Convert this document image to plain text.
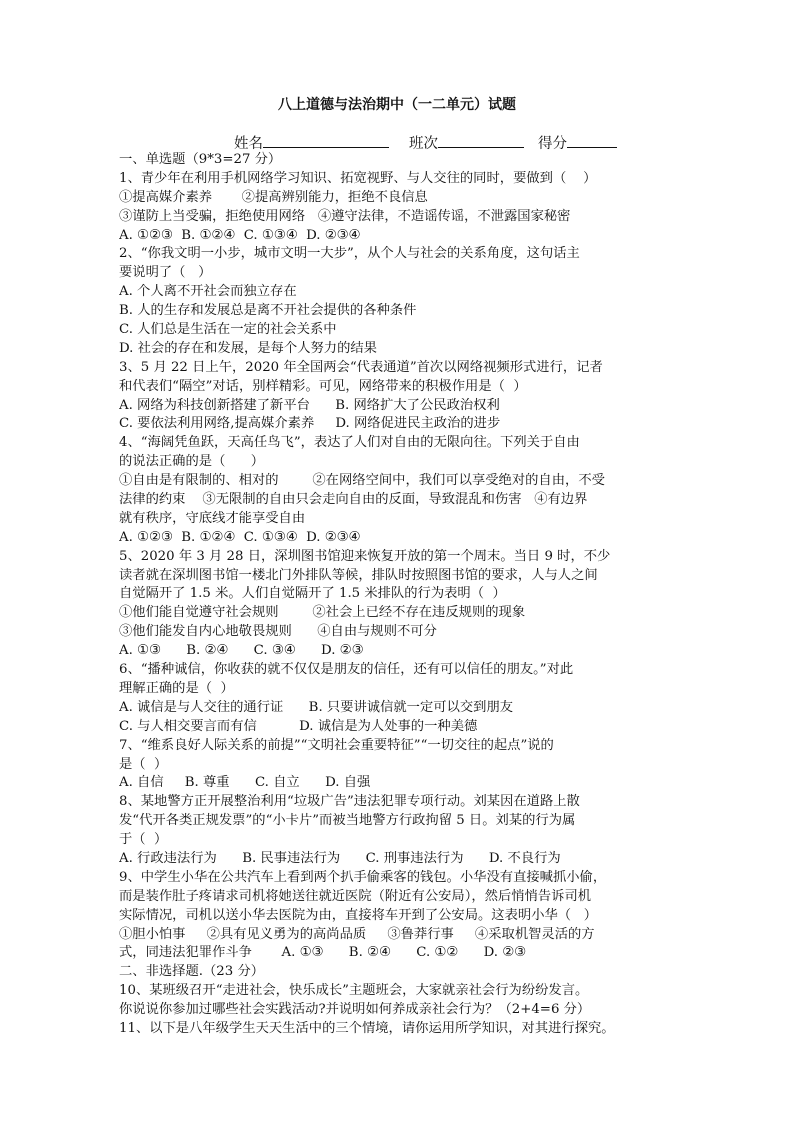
八上道德与法治期中（一二单元）试题
姓名	班次	得分
一、单选题（9*3=27 分）
1、青少年在利用手机网络学习知识、拓宽视野、与人交往的同时，要做到（    ）
①提高媒介素养       ②提高辨别能力，拒绝不良信息
③谨防上当受骗，拒绝使用网络   ④遵守法律，不造谣传谣，不泄露国家秘密
A. ①②③  B. ①②④  C. ①③④  D. ②③④
2、“你我文明一小步，城市文明一大步”，从个人与社会的关系角度，这句话主
要说明了（   ）
A. 个人离不开社会而独立存在
B. 人的生存和发展总是离不开社会提供的各种条件
C. 人们总是生活在一定的社会关系中
D. 社会的存在和发展，是每个人努力的结果
3、5 月 22 日上午，2020 年全国两会“代表通道”首次以网络视频形式进行，记者
和代表们“隔空”对话，别样精彩。可见，网络带来的积极作用是（  ）
A. 网络为科技创新搭建了新平台      B. 网络扩大了公民政治权利
C. 要依法利用网络,提高媒介素养     D. 网络促进民主政治的进步
4、“海阔凭鱼跃，天高任鸟飞”，表达了人们对自由的无限向往。下列关于自由
的说法正确的是（      ）
①自由是有限制的、相对的        ②在网络空间中，我们可以享受绝对的自由，不受
法律的约束    ③无限制的自由只会走向自由的反面，导致混乱和伤害   ④有边界
就有秩序，守底线才能享受自由
A. ①②③  B. ①②④  C. ①③④  D. ②③④
5、2020 年 3 月 28 日，深圳图书馆迎来恢复开放的第一个周末。当日 9 时，不少
读者就在深圳图书馆一楼北门外排队等候，排队时按照图书馆的要求，人与人之间
自觉隔开了 1.5 米。人们自觉隔开了 1.5 米排队的行为表明（  ）
①他们能自觉遵守社会规则        ②社会上已经不存在违反规则的现象
③他们能发自内心地敬畏规则      ④自由与规则不可分
A. ①③      B. ②④      C. ③④      D. ②③
6、“播种诚信，你收获的就不仅仅是朋友的信任，还有可以信任的朋友。”对此
理解正确的是（  ）
A. 诚信是与人交往的通行证      B. 只要讲诚信就一定可以交到朋友
C. 与人相交要言而有信          D. 诚信是为人处事的一种美德
7、“维系良好人际关系的前提”“文明社会重要特征”“一切交往的起点”说的
是（  ）
A. 自信     B. 尊重      C. 自立      D. 自强
8、某地警方正开展整治利用“垃圾广告”违法犯罪专项行动。刘某因在道路上散
发“代开各类正规发票”的“小卡片”而被当地警方行政拘留 5 日。刘某的行为属
于（  ）
A. 行政违法行为      B. 民事违法行为      C. 刑事违法行为      D. 不良行为
9、中学生小华在公共汽车上看到两个扒手偷乘客的钱包。小华没有直接喊抓小偷，
而是装作肚子疼请求司机将她送往就近医院（附近有公安局），然后悄悄告诉司机
实际情况，司机以送小华去医院为由，直接将车开到了公安局。这表明小华（   ）
①胆小怕事     ②具有见义勇为的高尚品质     ③鲁莽行事     ④采取机智灵活的方
式，同违法犯罪作斗争       A. ①③      B. ②④      C. ①②      D. ②③
二、非选择题.（23 分）
10、某班级召开“走进社会，快乐成长”主题班会，大家就亲社会行为纷纷发言。
你说说你参加过哪些社会实践活动?并说明如何养成亲社会行为？（2+4=6 分）
11、以下是八年级学生天天生活中的三个情境，请你运用所学知识，对其进行探究。
